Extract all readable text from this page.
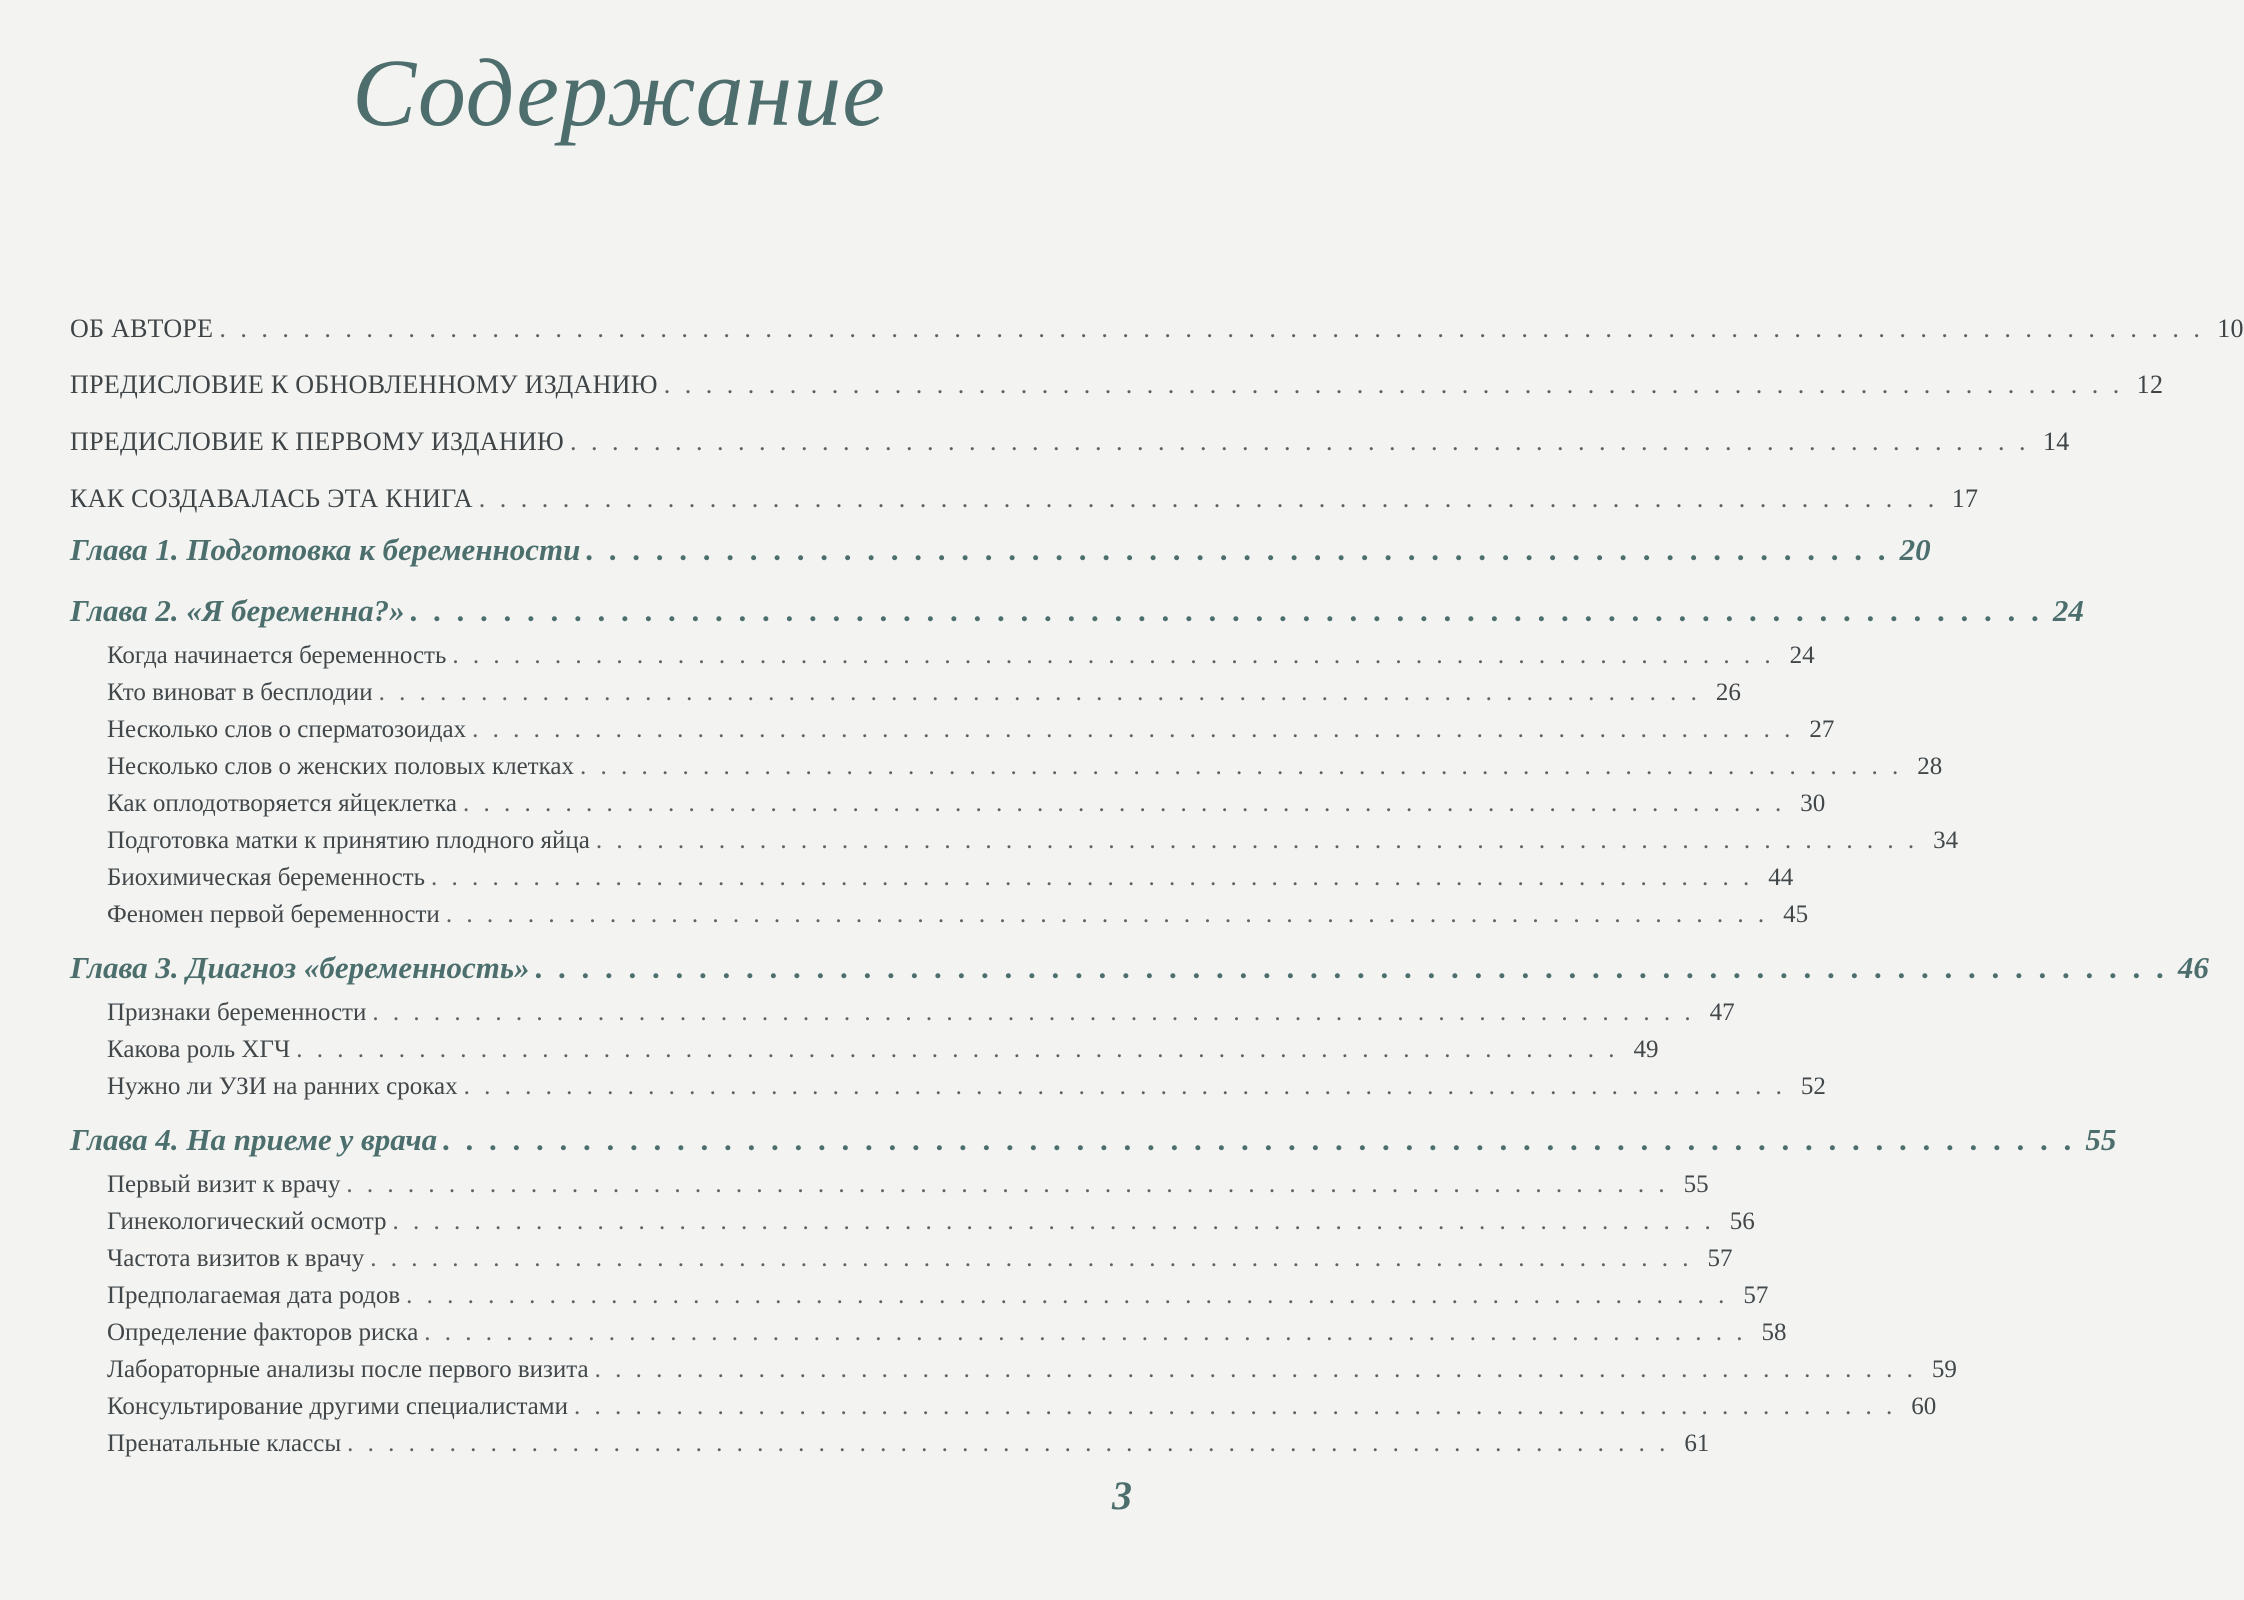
Содержание
ОБ АВТОРЕ . . . . . . . . . . . . . . . . . . . . . . . . . . . . . . . . . . . . . . . . . . . . . . . . . . . . . . . . . . . . . . . . . . . . . . . . . . . . . . . . . . . . . . . . . . . . . . . 10
ПРЕДИСЛОВИЕ К ОБНОВЛЕННОМУ ИЗДАНИЮ . . . . . . . . . . . . . . . . . . . . . . . . . . . . . . . . . . . . . . . . . . . . . . . . . . . . . . . . . . . . . . . . . . . . . . 12
ПРЕДИСЛОВИЕ К ПЕРВОМУ ИЗДАНИЮ . . . . . . . . . . . . . . . . . . . . . . . . . . . . . . . . . . . . . . . . . . . . . . . . . . . . . . . . . . . . . . . . . . . . . . 14
КАК СОЗДАВАЛАСЬ ЭТА КНИГА . . . . . . . . . . . . . . . . . . . . . . . . . . . . . . . . . . . . . . . . . . . . . . . . . . . . . . . . . . . . . . . . . . . . . . 17
Глава 1. Подготовка к беременности . . . . . . . . . . . . . . . . . . . . . . . . . . . . . . . . . . . . . . . . . . . . . . . . . . . . . . . . 20
Глава 2. «Я беременна?» . . . . . . . . . . . . . . . . . . . . . . . . . . . . . . . . . . . . . . . . . . . . . . . . . . . . . . . . . . . . . . . . . . . . . . 24
Когда начинается беременность . . . . . . . . . . . . . . . . . . . . . . . . . . . . . . . . . . . . . . . . . . . . . . . . . . . . . . . . . . . . . . . . . 24
Кто виноват в бесплодии . . . . . . . . . . . . . . . . . . . . . . . . . . . . . . . . . . . . . . . . . . . . . . . . . . . . . . . . . . . . . . . . . 26
Несколько слов о сперматозоидах . . . . . . . . . . . . . . . . . . . . . . . . . . . . . . . . . . . . . . . . . . . . . . . . . . . . . . . . . . . . . . . . . 27
Несколько слов о женских половых клетках . . . . . . . . . . . . . . . . . . . . . . . . . . . . . . . . . . . . . . . . . . . . . . . . . . . . . . . . . . . . . . . . . 28
Как оплодотворяется яйцеклетка . . . . . . . . . . . . . . . . . . . . . . . . . . . . . . . . . . . . . . . . . . . . . . . . . . . . . . . . . . . . . . . . . 30
Подготовка матки к принятию плодного яйца . . . . . . . . . . . . . . . . . . . . . . . . . . . . . . . . . . . . . . . . . . . . . . . . . . . . . . . . . . . . . . . . . 34
Биохимическая беременность . . . . . . . . . . . . . . . . . . . . . . . . . . . . . . . . . . . . . . . . . . . . . . . . . . . . . . . . . . . . . . . . . 44
Феномен первой беременности . . . . . . . . . . . . . . . . . . . . . . . . . . . . . . . . . . . . . . . . . . . . . . . . . . . . . . . . . . . . . . . . . 45
Глава 3. Диагноз «беременность» . . . . . . . . . . . . . . . . . . . . . . . . . . . . . . . . . . . . . . . . . . . . . . . . . . . . . . . . . . . . . . . . . . . . . . 46
Признаки беременности . . . . . . . . . . . . . . . . . . . . . . . . . . . . . . . . . . . . . . . . . . . . . . . . . . . . . . . . . . . . . . . . . 47
Какова роль ХГЧ . . . . . . . . . . . . . . . . . . . . . . . . . . . . . . . . . . . . . . . . . . . . . . . . . . . . . . . . . . . . . . . . . 49
Нужно ли УЗИ на ранних сроках . . . . . . . . . . . . . . . . . . . . . . . . . . . . . . . . . . . . . . . . . . . . . . . . . . . . . . . . . . . . . . . . . 52
Глава 4. На приеме у врача . . . . . . . . . . . . . . . . . . . . . . . . . . . . . . . . . . . . . . . . . . . . . . . . . . . . . . . . . . . . . . . . . . . . . . 55
Первый визит к врачу . . . . . . . . . . . . . . . . . . . . . . . . . . . . . . . . . . . . . . . . . . . . . . . . . . . . . . . . . . . . . . . . . 55
Гинекологический осмотр . . . . . . . . . . . . . . . . . . . . . . . . . . . . . . . . . . . . . . . . . . . . . . . . . . . . . . . . . . . . . . . . . 56
Частота визитов к врачу . . . . . . . . . . . . . . . . . . . . . . . . . . . . . . . . . . . . . . . . . . . . . . . . . . . . . . . . . . . . . . . . . 57
Предполагаемая дата родов . . . . . . . . . . . . . . . . . . . . . . . . . . . . . . . . . . . . . . . . . . . . . . . . . . . . . . . . . . . . . . . . . 57
Определение факторов риска . . . . . . . . . . . . . . . . . . . . . . . . . . . . . . . . . . . . . . . . . . . . . . . . . . . . . . . . . . . . . . . . . 58
Лабораторные анализы после первого визита . . . . . . . . . . . . . . . . . . . . . . . . . . . . . . . . . . . . . . . . . . . . . . . . . . . . . . . . . . . . . . . . . 59
Консультирование другими специалистами . . . . . . . . . . . . . . . . . . . . . . . . . . . . . . . . . . . . . . . . . . . . . . . . . . . . . . . . . . . . . . . . . 60
Пренатальные классы . . . . . . . . . . . . . . . . . . . . . . . . . . . . . . . . . . . . . . . . . . . . . . . . . . . . . . . . . . . . . . . . . 61
3
